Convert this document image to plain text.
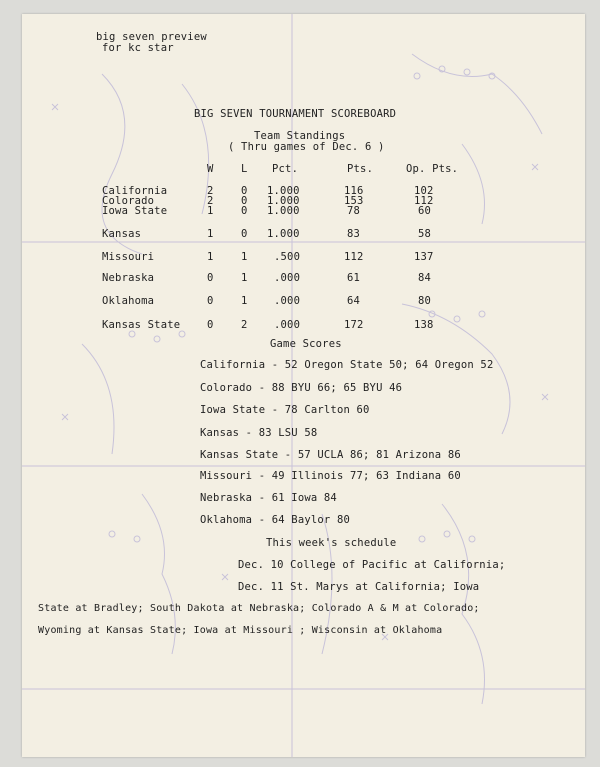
big seven preview
for kc star
BIG SEVEN TOURNAMENT SCOREBOARD
Team Standings
( Thru games of Dec. 6 )
W	L Pct.	Pts.	Op. Pts.
California	2	0 1.000	116	102
Colorado	2	0 1.000	153	112
Iowa State	1	0 1.000	78	60
Kansas	1	0 1.000	83	58
Missouri	1	1	.500	112	137
Nebraska	0	1	.000	61	84
Oklahoma	0	1	.000	64	80
Kansas State	0	2	.000	172	138
Game Scores
California - 52 Oregon State 50; 64 Oregon 52
Colorado - 88 BYU 66; 65 BYU 46
Iowa State - 78 Carlton 60
Kansas - 83 LSU 58
Kansas State - 57 UCLA 86; 81 Arizona 86
Missouri - 49 Illinois 77; 63 Indiana 60
Nebraska - 61 Iowa 84
Oklahoma - 64 Baylor 80
This week's schedule
Dec. 10 College of Pacific at California;
Dec. 11 St. Marys at California; Iowa
State at Bradley; South Dakota at Nebraska; Colorado A & M at Colorado;
Wyoming at Kansas State; Iowa at Missouri ; Wisconsin at Oklahoma
